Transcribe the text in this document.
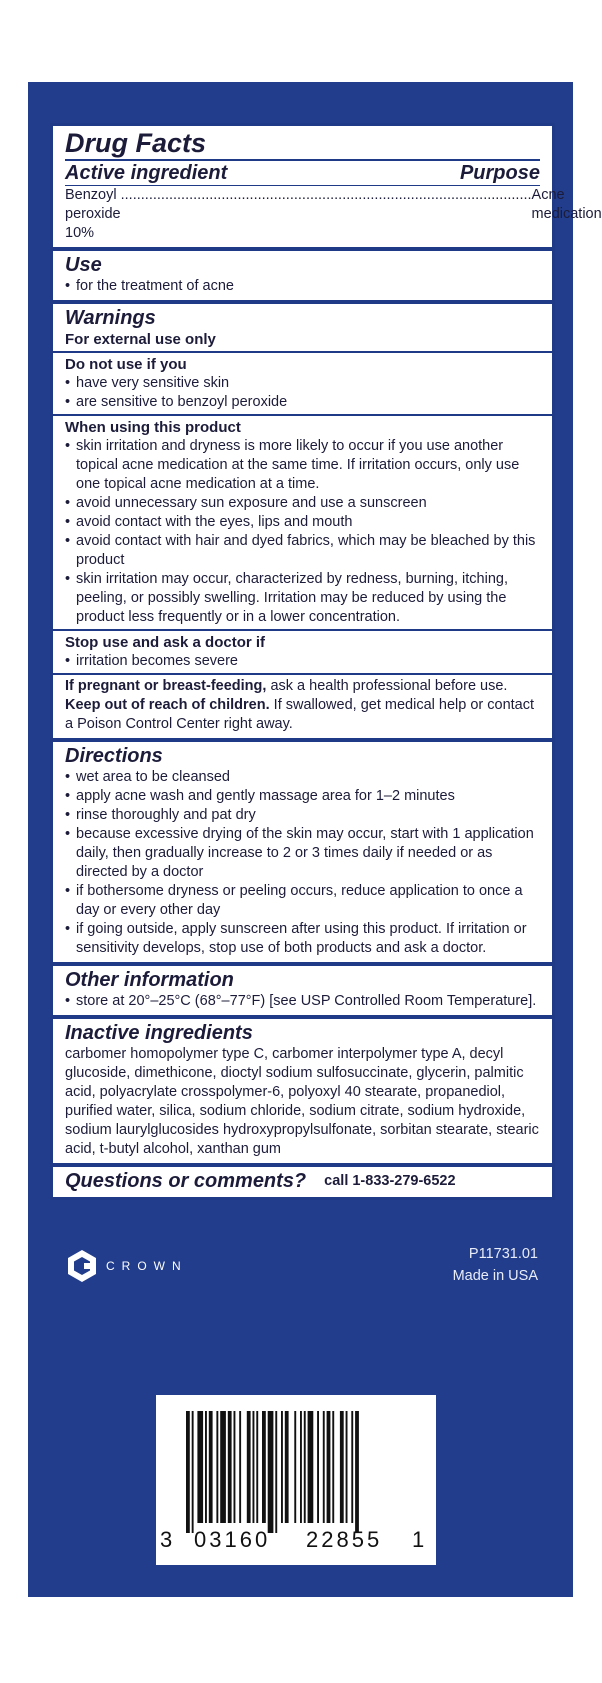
Drug Facts
Active ingredient	Purpose
Benzoyl peroxide 10%
...................................................................................................... Acne medication
Use
• for the treatment of acne
Warnings
For external use only
Do not use if you
• have very sensitive skin
• are sensitive to benzoyl peroxide
When using this product
• skin irritation and dryness is more likely to occur if you use another topical acne medication at the same time. If irritation occurs, only use one topical acne medication at a time.
• avoid unnecessary sun exposure and use a sunscreen
• avoid contact with the eyes, lips and mouth
• avoid contact with hair and dyed fabrics, which may be bleached by this product
• skin irritation may occur, characterized by redness, burning, itching, peeling, or possibly swelling. Irritation may be reduced by using the product less frequently or in a lower concentration.
Stop use and ask a doctor if
• irritation becomes severe
If pregnant or breast-feeding, ask a health professional before use.
Keep out of reach of children. If swallowed, get medical help or contact a Poison Control Center right away.
Directions
• wet area to be cleansed
• apply acne wash and gently massage area for 1–2 minutes
• rinse thoroughly and pat dry
• because excessive drying of the skin may occur, start with 1 application daily, then gradually increase to 2 or 3 times daily if needed or as directed by a doctor
• if bothersome dryness or peeling occurs, reduce application to once a day or every other day
• if going outside, apply sunscreen after using this product. If irritation or sensitivity develops, stop use of both products and ask a doctor.
Other information
• store at 20°–25°C (68°–77°F) [see USP Controlled Room Temperature].
Inactive ingredients
carbomer homopolymer type C, carbomer interpolymer type A, decyl glucoside, dimethicone, dioctyl sodium sulfosuccinate, glycerin, palmitic acid, polyacrylate crosspolymer-6, polyoxyl 40 stearate, propanediol, purified water, silica, sodium chloride, sodium citrate, sodium hydroxide, sodium laurylglucosides hydroxypropylsulfonate, sorbitan stearate, stearic acid, t-butyl alcohol, xanthan gum
Questions or comments? call 1-833-279-6522
CROWN
P11731.01
Made in USA
3 03160 22855 1
